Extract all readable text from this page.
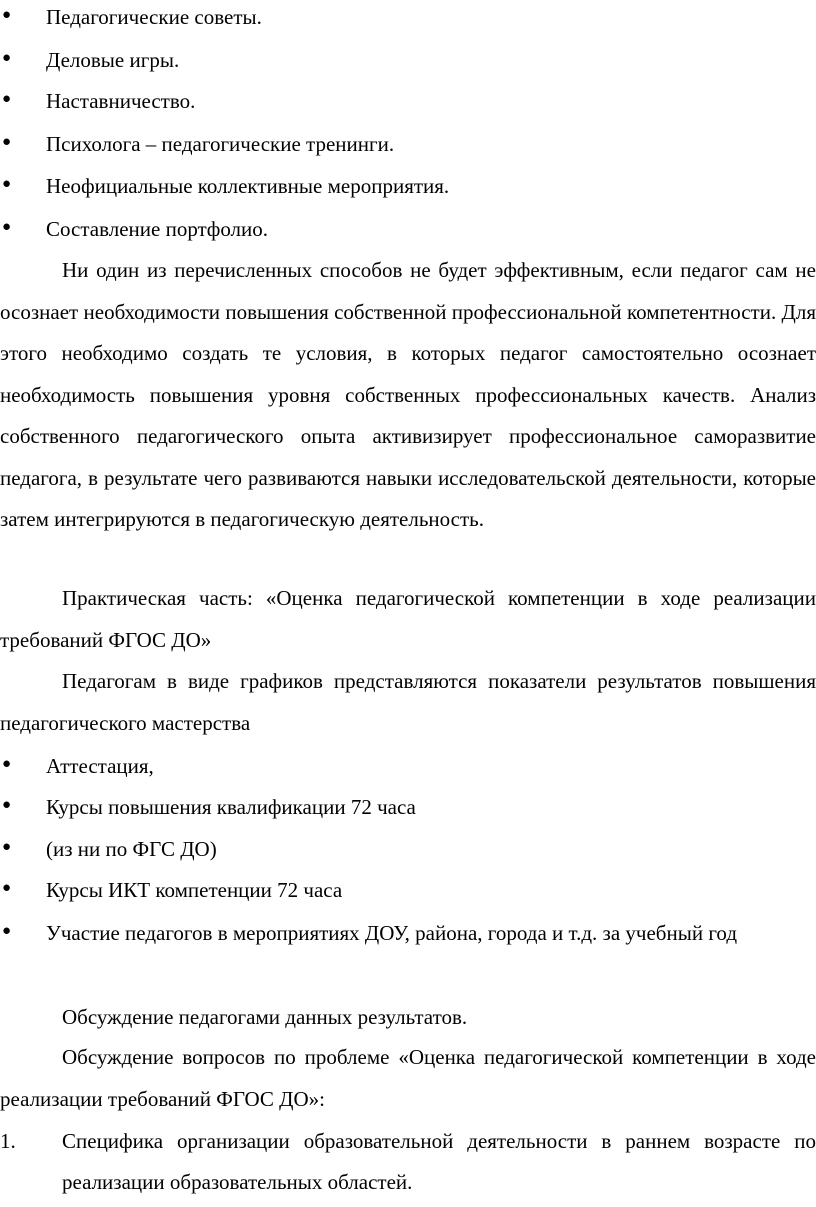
● Педагогические советы.
● Деловые игры.
● Наставничество.
● Психолога – педагогические тренинги.
● Неофициальные коллективные мероприятия.
● Составление портфолио.

Ни один из перечисленных способов не будет эффективным, если педагог сам не осознает необходимости повышения собственной профессиональной компетентности. Для этого необходимо создать те условия, в которых педагог самостоятельно осознает необходимость повышения уровня собственных профессиональных качеств. Анализ собственного педагогического опыта активизирует профессиональное саморазвитие педагога, в результате чего развиваются навыки исследовательской деятельности, которые затем интегрируются в педагогическую деятельность.

Практическая часть: «Оценка педагогической компетенции в ходе реализации требований ФГОС ДО»

Педагогам в виде графиков представляются показатели результатов повышения педагогического мастерства

● Аттестация,
● Курсы повышения квалификации 72 часа
● (из ни по ФГС ДО)
● Курсы ИКТ компетенции 72 часа
● Участие педагогов в мероприятиях ДОУ, района, города и т.д. за учебный год

Обсуждение педагогами данных результатов.

Обсуждение вопросов по проблеме «Оценка педагогической компетенции в ходе реализации требований ФГОС ДО»:

1. Специфика организации образовательной деятельности в раннем возрасте по реализации образовательных областей.
